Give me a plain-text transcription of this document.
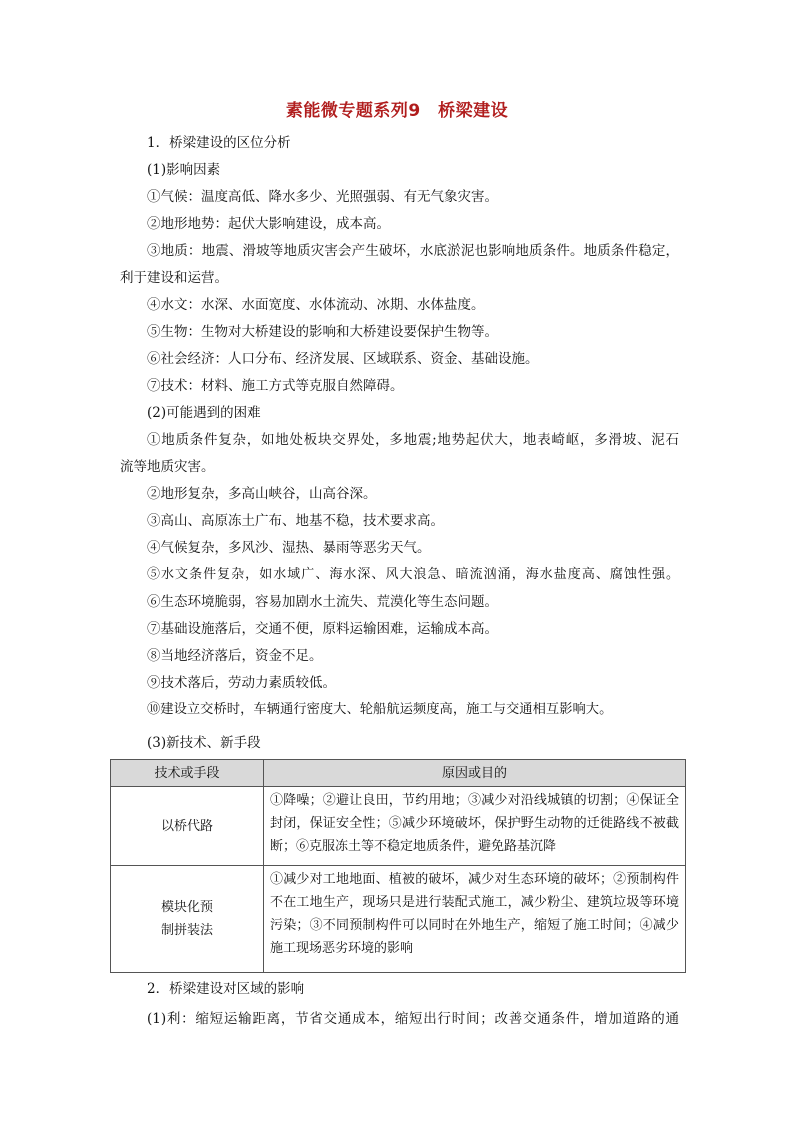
素能微专题系列9　桥梁建设
1．桥梁建设的区位分析
(1)影响因素
①气候：温度高低、降水多少、光照强弱、有无气象灾害。
②地形地势：起伏大影响建设，成本高。
③地质：地震、滑坡等地质灾害会产生破坏，水底淤泥也影响地质条件。地质条件稳定，
利于建设和运营。
④水文：水深、水面宽度、水体流动、冰期、水体盐度。
⑤生物：生物对大桥建设的影响和大桥建设要保护生物等。
⑥社会经济：人口分布、经济发展、区域联系、资金、基础设施。
⑦技术：材料、施工方式等克服自然障碍。
(2)可能遇到的困难
①地质条件复杂，如地处板块交界处，多地震;地势起伏大，地表崎岖，多滑坡、泥石
流等地质灾害。
②地形复杂，多高山峡谷，山高谷深。
③高山、高原冻土广布、地基不稳，技术要求高。
④气候复杂，多风沙、湿热、暴雨等恶劣天气。
⑤水文条件复杂，如水域广、海水深、风大浪急、暗流汹涌，海水盐度高、腐蚀性强。
⑥生态环境脆弱，容易加剧水土流失、荒漠化等生态问题。
⑦基础设施落后，交通不便，原料运输困难，运输成本高。
⑧当地经济落后，资金不足。
⑨技术落后，劳动力素质较低。
⑩建设立交桥时，车辆通行密度大、轮船航运频度高，施工与交通相互影响大。
(3)新技术、新手段
技术或手段	原因或目的
以桥代路	①降噪；②避让良田，节约用地；③减少对沿线城镇的切割；④保证全封闭，保证安全性；⑤减少环境破坏，保护野生动物的迁徙路线不被截断；⑥克服冻土等不稳定地质条件，避免路基沉降

模块化预
制拼装法	①减少对工地地面、植被的破坏，减少对生态环境的破坏；②预制构件不在工地生产，现场只是进行装配式施工，减少粉尘、建筑垃圾等环境污染；③不同预制构件可以同时在外地生产，缩短了施工时间；④减少施工现场恶劣环境的影响
2．桥梁建设对区域的影响
(1)利：缩短运输距离，节省交通成本，缩短出行时间；改善交通条件，增加道路的通
